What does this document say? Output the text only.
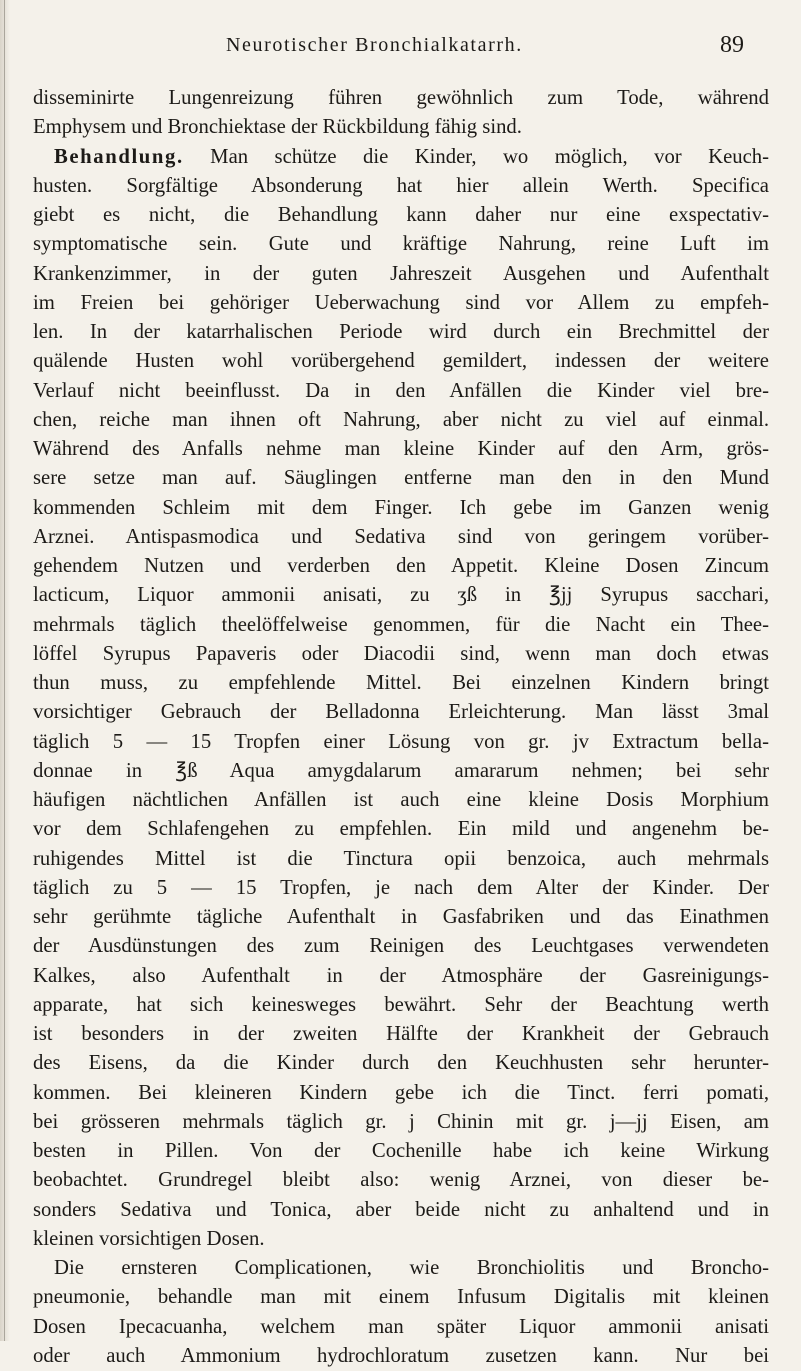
Neurotischer Bronchialkatarrh.	89
disseminirte Lungenreizung führen gewöhnlich zum Tode, während
Emphysem und Bronchiektase der Rückbildung fähig sind.
Behandlung. Man schütze die Kinder, wo möglich, vor Keuch-
husten. Sorgfältige Absonderung hat hier allein Werth. Specifica
giebt es nicht, die Behandlung kann daher nur eine exspectativ-
symptomatische sein. Gute und kräftige Nahrung, reine Luft im
Krankenzimmer, in der guten Jahreszeit Ausgehen und Aufenthalt
im Freien bei gehöriger Ueberwachung sind vor Allem zu empfeh-
len. In der katarrhalischen Periode wird durch ein Brechmittel der
quälende Husten wohl vorübergehend gemildert, indessen der weitere
Verlauf nicht beeinflusst. Da in den Anfällen die Kinder viel bre-
chen, reiche man ihnen oft Nahrung, aber nicht zu viel auf einmal.
Während des Anfalls nehme man kleine Kinder auf den Arm, grös-
sere setze man auf. Säuglingen entferne man den in den Mund
kommenden Schleim mit dem Finger. Ich gebe im Ganzen wenig
Arznei. Antispasmodica und Sedativa sind von geringem vorüber-
gehendem Nutzen und verderben den Appetit. Kleine Dosen Zincum
lacticum, Liquor ammonii anisati, zu ʒß in ℥jj Syrupus sacchari,
mehrmals täglich theelöffelweise genommen, für die Nacht ein Thee-
löffel Syrupus Papaveris oder Diacodii sind, wenn man doch etwas
thun muss, zu empfehlende Mittel. Bei einzelnen Kindern bringt
vorsichtiger Gebrauch der Belladonna Erleichterung. Man lässt 3mal
täglich 5 — 15 Tropfen einer Lösung von gr. jv Extractum bella-
donnae in ℥ß Aqua amygdalarum amararum nehmen; bei sehr
häufigen nächtlichen Anfällen ist auch eine kleine Dosis Morphium
vor dem Schlafengehen zu empfehlen. Ein mild und angenehm be-
ruhigendes Mittel ist die Tinctura opii benzoica, auch mehrmals
täglich zu 5 — 15 Tropfen, je nach dem Alter der Kinder. Der
sehr gerühmte tägliche Aufenthalt in Gasfabriken und das Einathmen
der Ausdünstungen des zum Reinigen des Leuchtgases verwendeten
Kalkes, also Aufenthalt in der Atmosphäre der Gasreinigungs-
apparate, hat sich keinesweges bewährt. Sehr der Beachtung werth
ist besonders in der zweiten Hälfte der Krankheit der Gebrauch
des Eisens, da die Kinder durch den Keuchhusten sehr herunter-
kommen. Bei kleineren Kindern gebe ich die Tinct. ferri pomati,
bei grösseren mehrmals täglich gr. j Chinin mit gr. j—jj Eisen, am
besten in Pillen. Von der Cochenille habe ich keine Wirkung
beobachtet. Grundregel bleibt also: wenig Arznei, von dieser be-
sonders Sedativa und Tonica, aber beide nicht zu anhaltend und in
kleinen vorsichtigen Dosen.
Die ernsteren Complicationen, wie Bronchiolitis und Broncho-
pneumonie, behandle man mit einem Infusum Digitalis mit kleinen
Dosen Ipecacuanha, welchem man später Liquor ammonii anisati
oder auch Ammonium hydrochloratum zusetzen kann. Nur bei
